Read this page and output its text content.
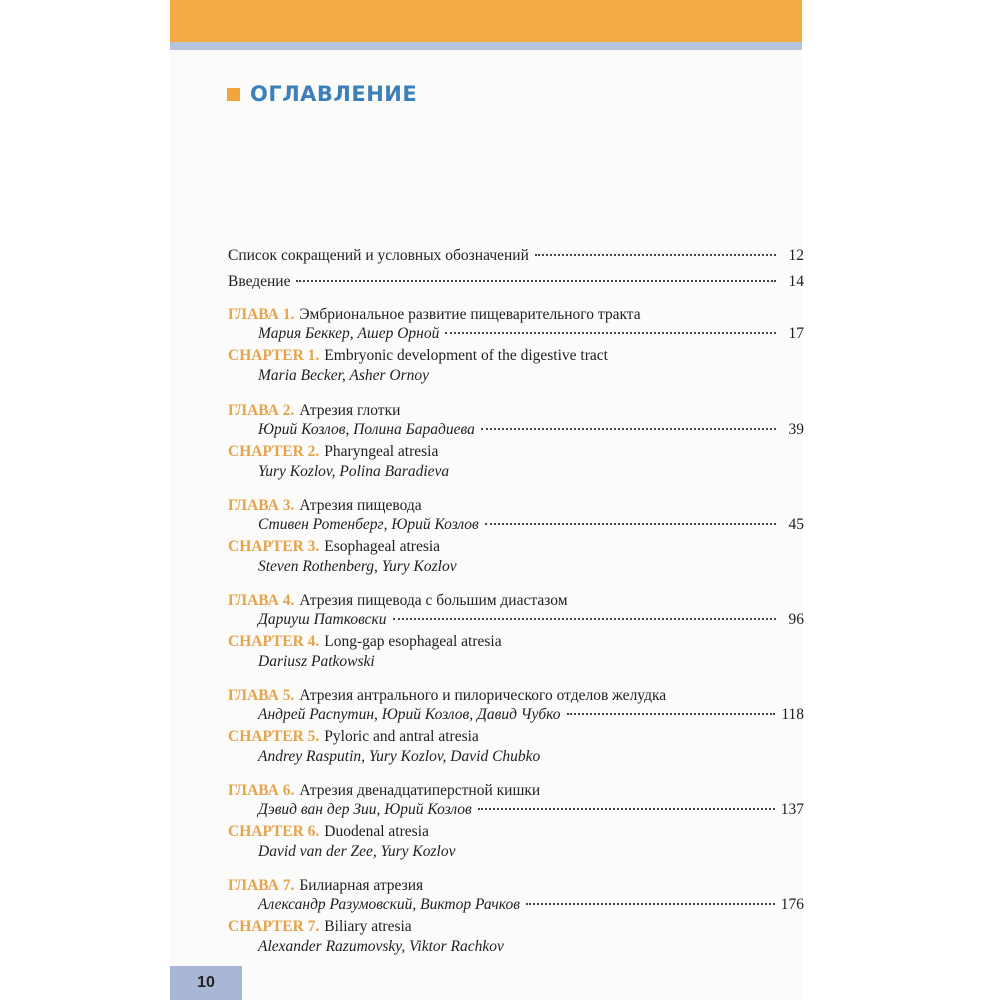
ОГЛАВЛЕНИЕ
Список сокращений и условных обозначений	12
Введение	14
ГЛАВА 1. Эмбриональное развитие пищеварительного тракта
Мария Беккер, Ашер Орной	17
CHAPTER 1. Embryonic development of the digestive tract
Maria Becker, Asher Ornoy
ГЛАВА 2. Атрезия глотки
Юрий Козлов, Полина Барадиева	39
CHAPTER 2. Pharyngeal atresia
Yury Kozlov, Polina Baradieva
ГЛАВА 3. Атрезия пищевода
Стивен Ротенберг, Юрий Козлов	45
CHAPTER 3. Esophageal atresia
Steven Rothenberg, Yury Kozlov
ГЛАВА 4. Атрезия пищевода с большим диастазом
Дариуш Патковски	96
CHAPTER 4. Long-gap esophageal atresia
Dariusz Patkowski
ГЛАВА 5. Атрезия антрального и пилорического отделов желудка
Андрей Распутин, Юрий Козлов, Давид Чубко	118
CHAPTER 5. Pyloric and antral atresia
Andrey Rasputin, Yury Kozlov, David Chubko
ГЛАВА 6. Атрезия двенадцатиперстной кишки
Дэвид ван дер Зии, Юрий Козлов	137
CHAPTER 6. Duodenal atresia
David van der Zee, Yury Kozlov
ГЛАВА 7. Билиарная атрезия
Александр Разумовский, Виктор Рачков	176
CHAPTER 7. Biliary atresia
Alexander Razumovsky, Viktor Rachkov
10
